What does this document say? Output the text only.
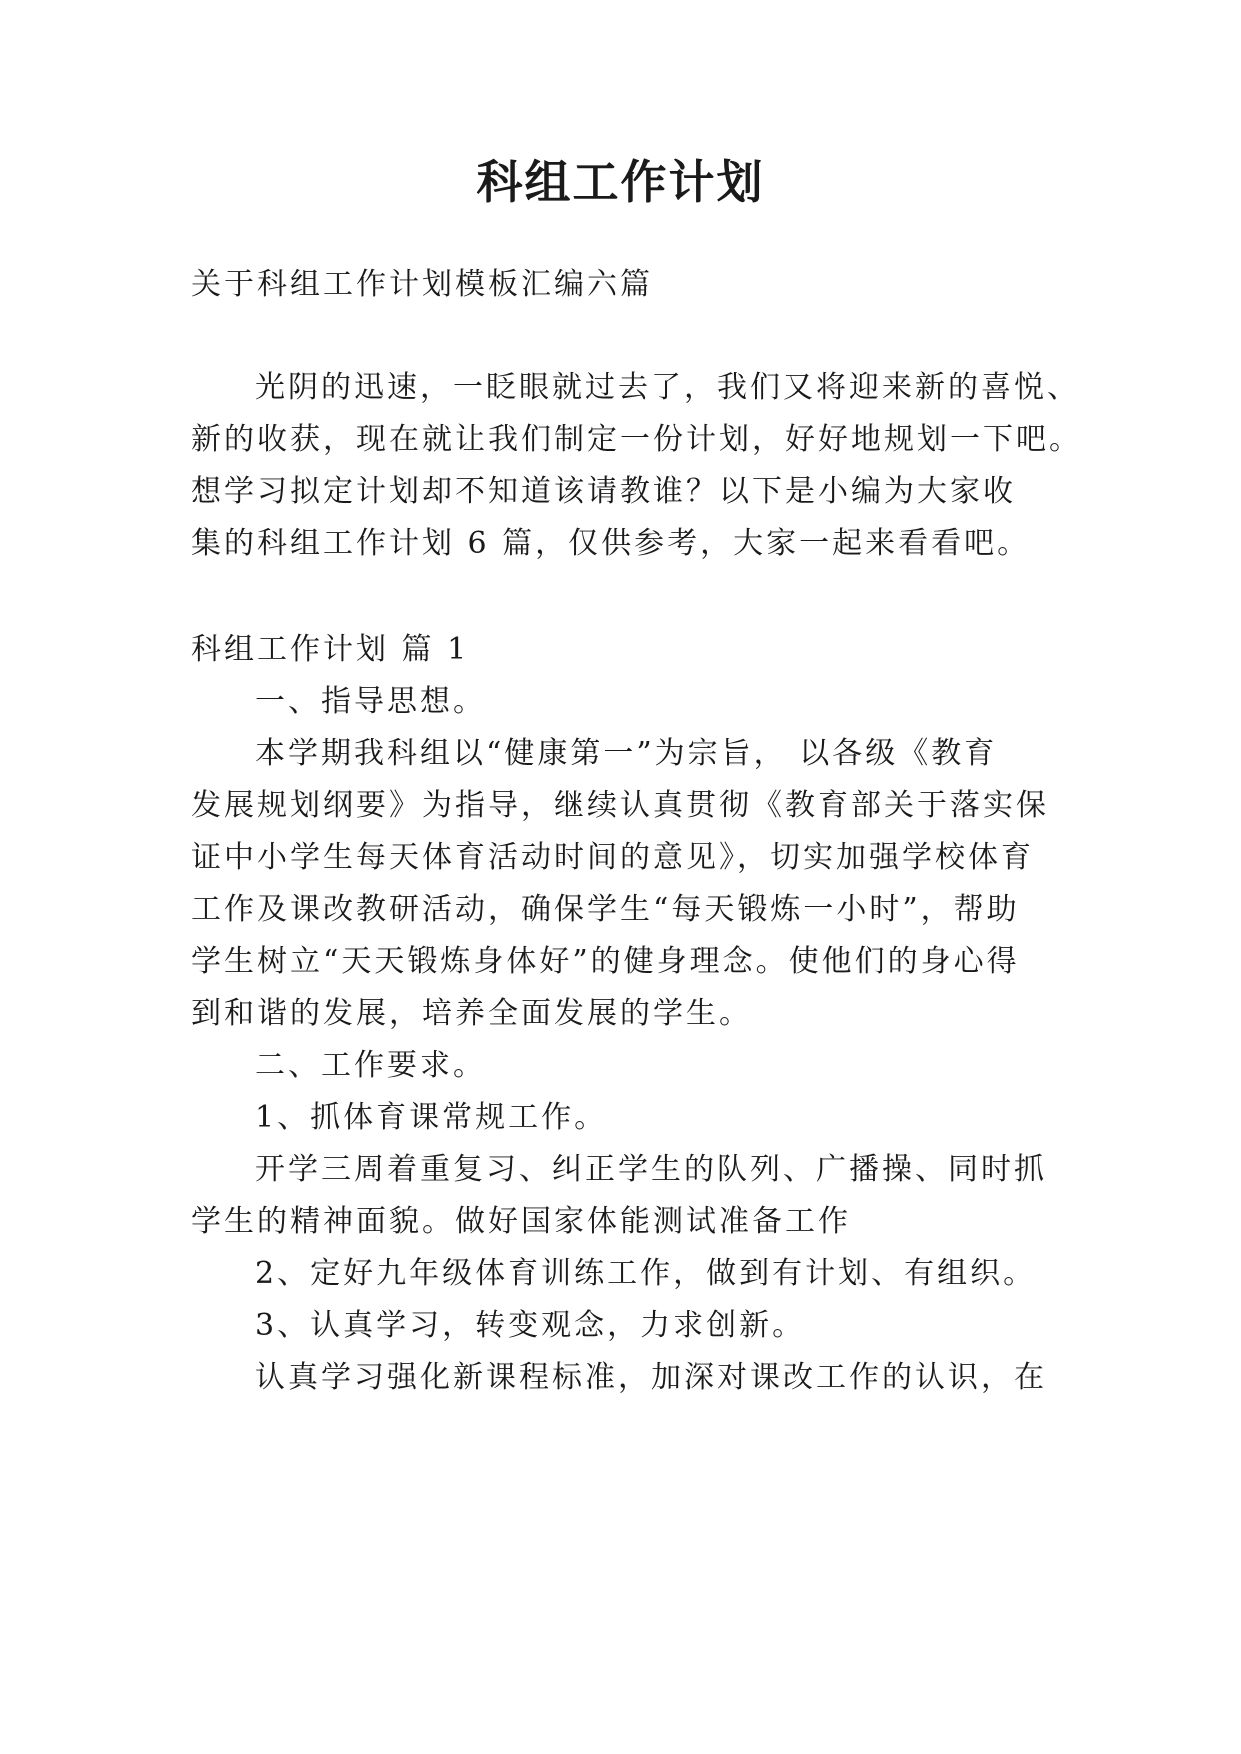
科组工作计划
关于科组工作计划模板汇编六篇
光阴的迅速，一眨眼就过去了，我们又将迎来新的喜悦、
新的收获，现在就让我们制定一份计划，好好地规划一下吧。
想学习拟定计划却不知道该请教谁？以下是小编为大家收
集的科组工作计划 6 篇，仅供参考，大家一起来看看吧。
科组工作计划 篇 1
一、指导思想。
本学期我科组以“健康第一”为宗旨， 以各级《教育
发展规划纲要》为指导，继续认真贯彻《教育部关于落实保
证中小学生每天体育活动时间的意见》，切实加强学校体育
工作及课改教研活动，确保学生“每天锻炼一小时”，帮助
学生树立“天天锻炼身体好”的健身理念。使他们的身心得
到和谐的发展，培养全面发展的学生。
二、工作要求。
1、抓体育课常规工作。
开学三周着重复习、纠正学生的队列、广播操、同时抓
学生的精神面貌。做好国家体能测试准备工作
2、定好九年级体育训练工作，做到有计划、有组织。
3、认真学习，转变观念，力求创新。
认真学习强化新课程标准，加深对课改工作的认识，在
